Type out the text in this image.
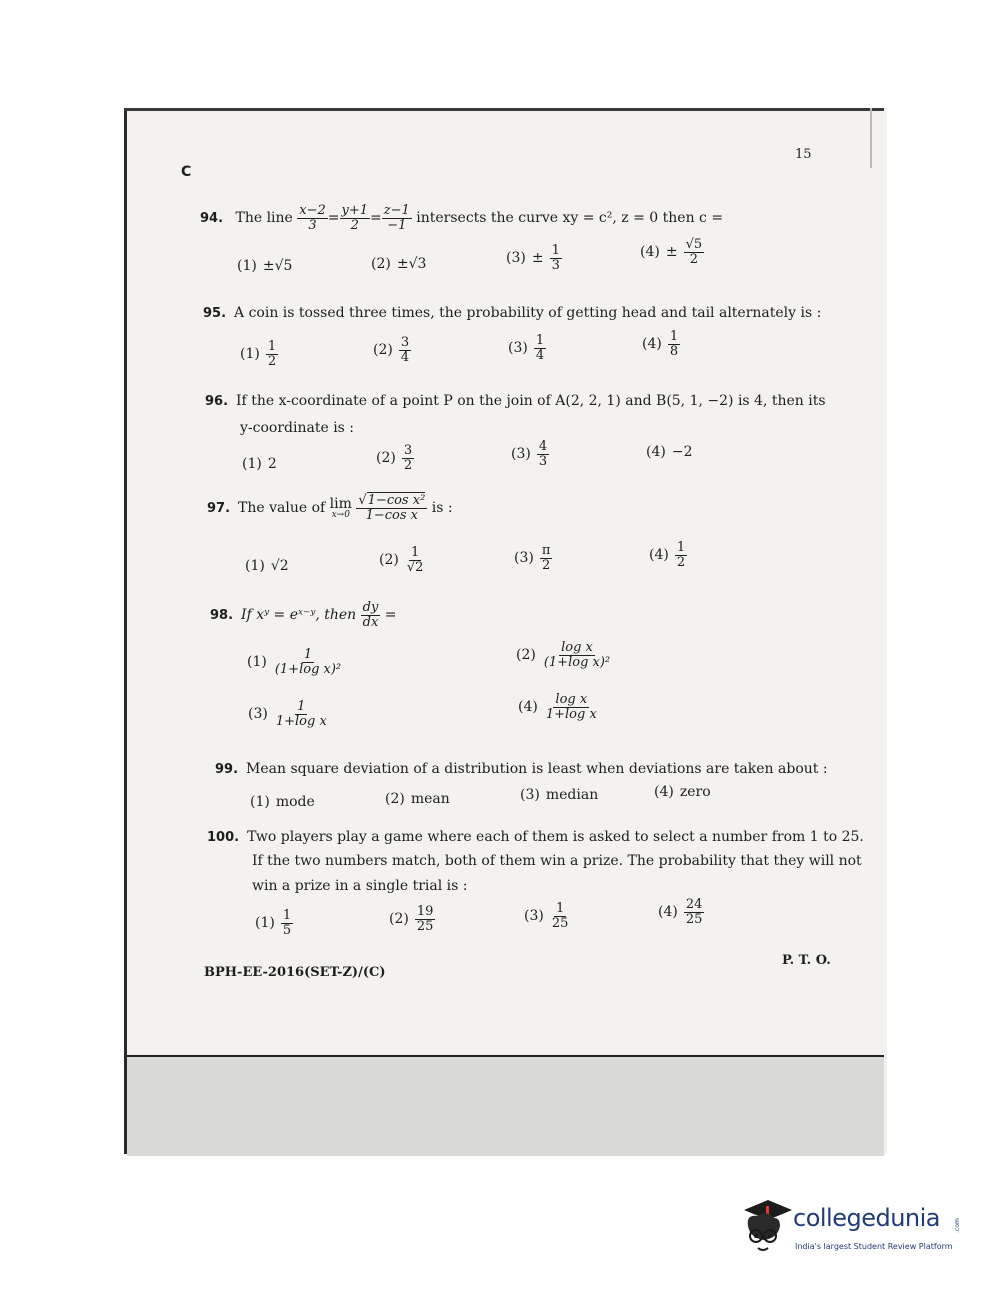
15
C
94. The line $\frac{x-2}{3} = \frac{y+1}{2} = \frac{z-1}{-1}$ intersects the curve xy = c², z = 0 then c =
(1) ±√5	(2) ±√3	$(3) \pm \frac{1}{3}$	$(4) \pm \frac{√5}{2}$
95. A coin is tossed three times, the probability of getting head and tail alternately is :
$(1) \frac{1}{2}$	$(2) \frac{3}{4}$	$(3) \frac{1}{4}$	$(4) \frac{1}{8}$
96. If the x-coordinate of a point P on the join of A(2, 2, 1) and B(5, 1, −2) is 4, then its
y-coordinate is :
(1) 2	$(2) \frac{3}{2}$	$(3) \frac{4}{3}$	(4) −2
97. The value of lim
x→0
$\frac{\text{√1−cos x²}}{\text{1−cos x}}$ is :
(1) √2	$(2) \frac{1}{√2}$	$(3) \frac{\pi}{2}$	$(4) \frac{1}{2}$
98. If xʸ = eˣ⁻ʸ, then $\frac{dy}{dx}$ =
$(1) \frac{1}{\text{(1+log x)²}}$	$(2) \frac{\text{log x}}{\text{(1+log x)²}}$
$(3) \frac{1}{\text{1+log x}}$	$(4) \frac{\text{log x}}{\text{1+log x}}$
99. Mean square deviation of a distribution is least when deviations are taken about :
(1) mode	(2) mean	(3) median	(4) zero
100. Two players play a game where each of them is asked to select a number from 1 to 25.
If the two numbers match, both of them win a prize. The probability that they will not
win a prize in a single trial is :
$(1) \frac{1}{5}$	$(2) \frac{19}{25}$	$(3) \frac{1}{25}$	$(4) \frac{24}{25}$
BPH-EE-2016(SET-Z)/(C)
P. T. O.
collegedunia .com
India's largest Student Review Platform
